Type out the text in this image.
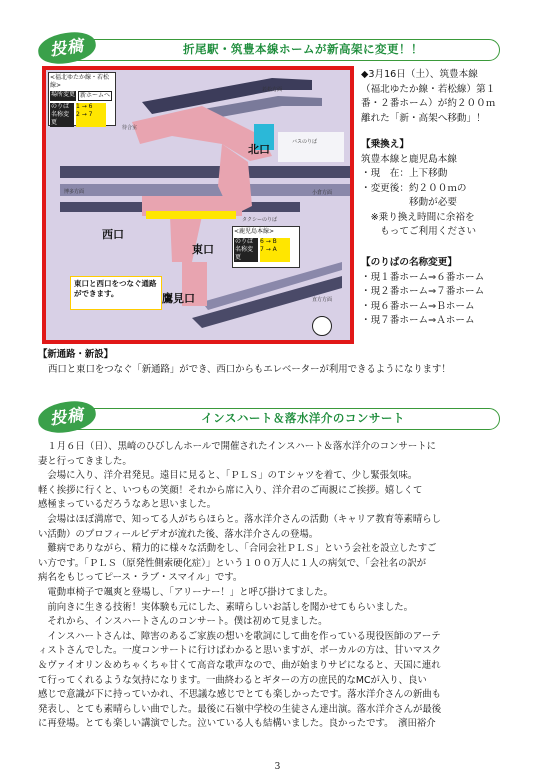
投稿	折尾駅・筑豊本線ホームが新高架に変更！！
<福北ゆたか線・若松線>
場所変更 新ホームへ
のりば名称変更
1 → 6
2 → 7
<鹿児島本線>
のりば名称変更
6 → B
7 → A
北口
西口
東口
鷹見口
東口と西口をつなぐ通路ができます。
待合室
若松方面
博多方面	小倉方面
直方方面
タクシーのりば
バスのりば
◆3月16日（土）、筑豊本線
（福北ゆたか線・若松線）第１
番・２番ホーム）が約２００ｍ
離れた「新・高架へ移動」！
【乗換え】
筑豊本線と鹿児島本線
・現　在：上下移動
・変更後：約２００ｍの
　　　　　移動が必要
　※乗り換え時間に余裕を
　　もってご利用ください
【のりばの名称変更】
・現１番ホーム⇒６番ホーム
・現２番ホーム⇒７番ホーム
・現６番ホーム⇒Ｂホーム
・現７番ホーム⇒Ａホーム
【新通路・新設】
西口と東口をつなぐ「新通路」ができ、西口からもエレベーターが利用できるようになります！
投稿	インスハート＆落水洋介のコンサート

　１月６日（日）、黒崎のひびしんホールで開催されたインスハート＆落水洋介のコンサートに

妻と行ってきました。

　会場に入り、洋介君発見。遠目に見ると、「ＰＬＳ」のＴシャツを着て、少し緊張気味。

軽く挨拶に行くと、いつもの笑顔！それから席に入り、洋介君のご両親にご挨拶。嬉しくて

感極まっているだろうなあと思いました。

　会場はほぼ満席で、知ってる人がちらほらと。落水洋介さんの活動（キャリア教育等素晴らし

い活動）のプロフィールビデオが流れた後、落水洋介さんの登場。

　難病でありながら、精力的に様々な活動をし、「合同会社ＰＬＳ」という会社を設立したすご

い方です。「ＰＬＳ（原発性側索硬化症）」という１００万人に１人の病気で、「会社名の訳が

病名をもじってピース・ラブ・スマイル」です。

　電動車椅子で颯爽と登場し、「アリーナー！」と呼び掛けてました。

　前向きに生きる技術！実体験も元にした、素晴らしいお話しを聞かせてもらいました。

　それから、インスハートさんのコンサート。僕は初めて見ました。

　インスハートさんは、障害のあるご家族の想いを歌詞にして曲を作っている現役医師のアーテ

ィストさんでした。一度コンサートに行けばわかると思いますが、ボーカルの方は、甘いマスク

＆ヴァイオリン＆めちゃくちゃ甘くて高音な歌声なので、曲が始まりサビになると、天国に連れ

て行ってくれるような気持になります。一曲終わるとギターの方の庶民的なMCが入り、良い

感じで意識が下に持っていかれ、不思議な感じでとても楽しかったです。落水洋介さんの新曲も

発表し、とても素晴らしい曲でした。最後に石嶺中学校の生徒さん達出演。落水洋介さんが最後

に再登場。とても楽しい講演でした。泣いている人も結構いました。良かったです。　濱田裕介

3
